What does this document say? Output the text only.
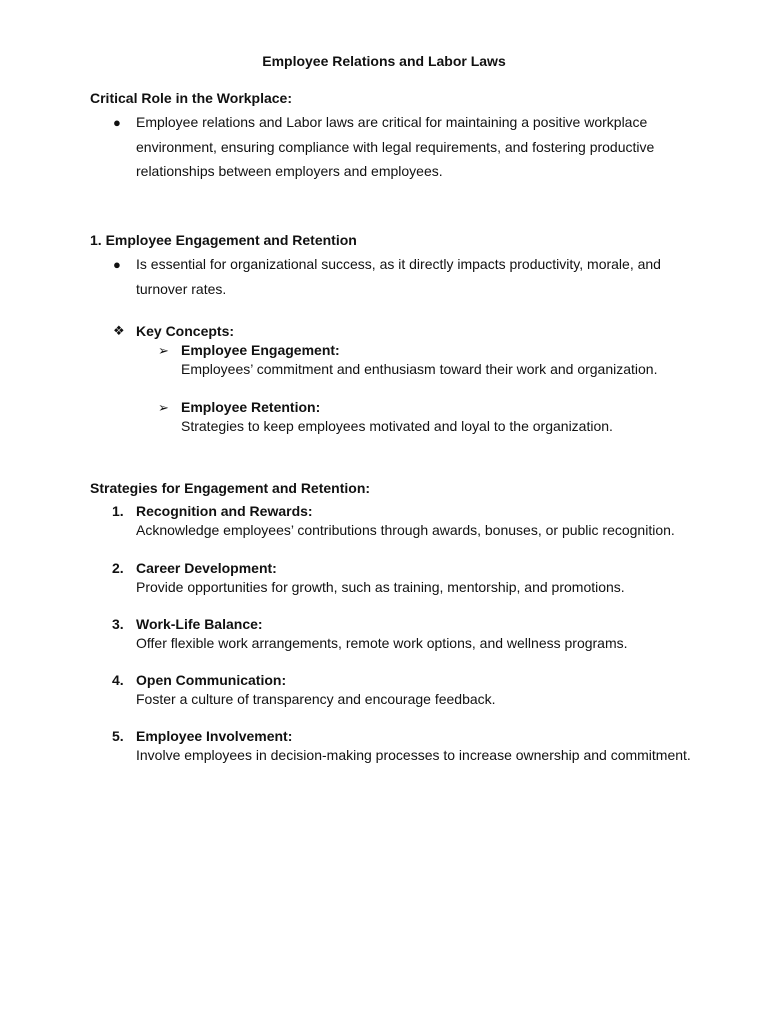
Employee Relations and Labor Laws
Critical Role in the Workplace:
● Employee relations and Labor laws are critical for maintaining a positive workplace environment, ensuring compliance with legal requirements, and fostering productive relationships between employers and employees.
1. Employee Engagement and Retention
● Is essential for organizational success, as it directly impacts productivity, morale, and turnover rates.
❖ Key Concepts:
➢ Employee Engagement:
Employees’ commitment and enthusiasm toward their work and organization.
➢ Employee Retention:
Strategies to keep employees motivated and loyal to the organization.
Strategies for Engagement and Retention:
1. Recognition and Rewards:
Acknowledge employees’ contributions through awards, bonuses, or public recognition.
2. Career Development:
Provide opportunities for growth, such as training, mentorship, and promotions.
3. Work-Life Balance:
Offer flexible work arrangements, remote work options, and wellness programs.
4. Open Communication:
Foster a culture of transparency and encourage feedback.
5. Employee Involvement:
Involve employees in decision-making processes to increase ownership and commitment.
